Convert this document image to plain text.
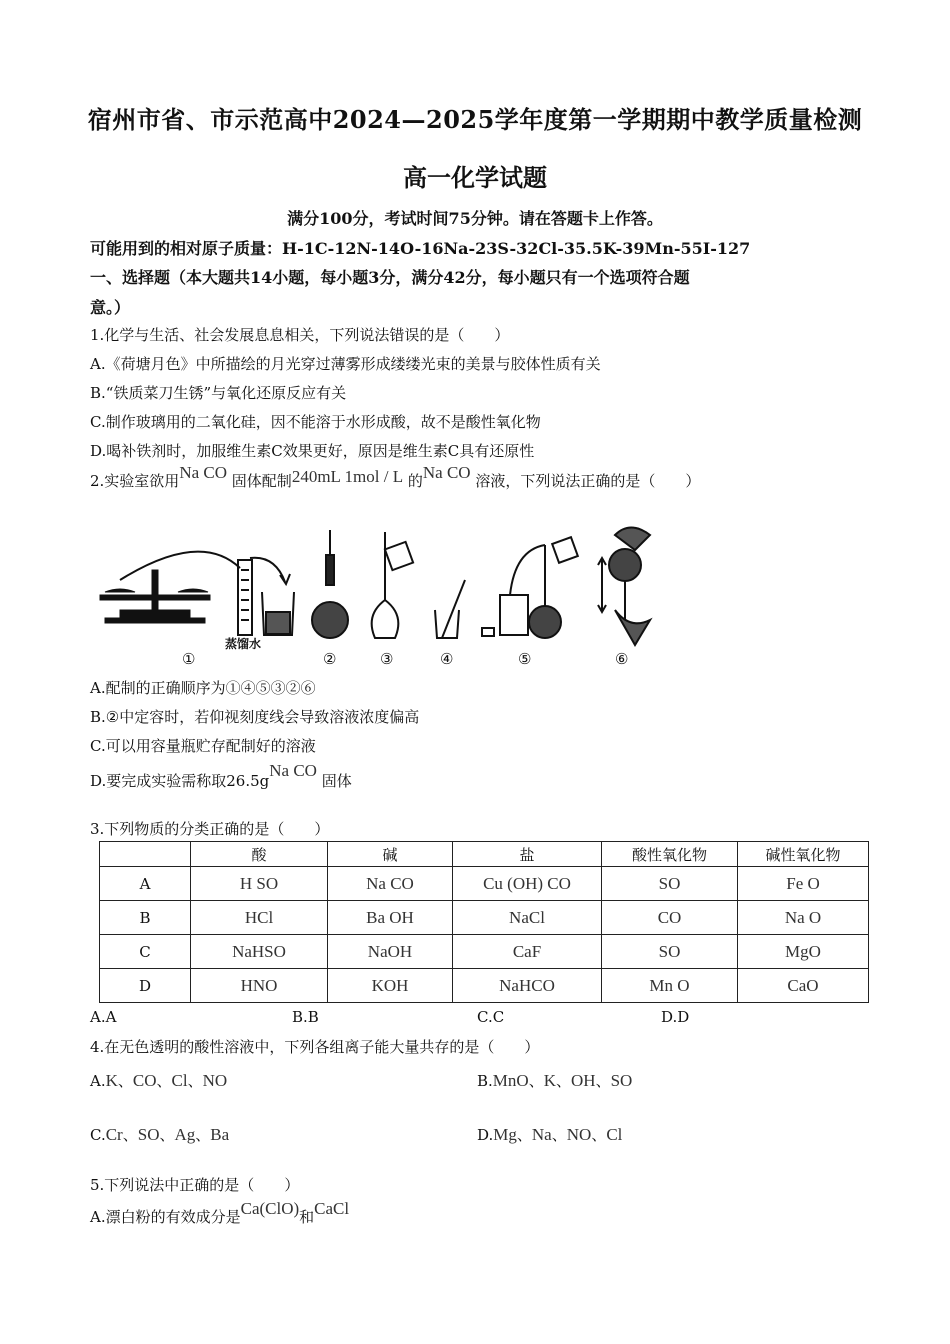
宿州市省、市示范高中2024—2025学年度第一学期期中教学质量检测
高一化学试题
满分100分，考试时间75分钟。请在答题卡上作答。
可能用到的相对原子质量：H-1C-12N-14O-16Na-23S-32Cl-35.5K-39Mn-55I-127
一、选择题（本大题共14小题，每小题3分，满分42分，每小题只有一个选项符合题
意。）
1.化学与生活、社会发展息息相关，下列说法错误的是（　　）
A.《荷塘月色》中所描绘的月光穿过薄雾形成缕缕光束的美景与胶体性质有关
B.“铁质菜刀生锈”与氧化还原反应有关
C.制作玻璃用的二氧化硅，因不能溶于水形成酸，故不是酸性氧化物
D.喝补铁剂时，加服维生素C效果更好，原因是维生素C具有还原性
2.实验室欲用Na CO 固体配制240mL 1mol / L 的Na CO 溶液，下列说法正确的是（　　）
蒸馏水
①	②	③	④	⑤	⑥
A.配制的正确顺序为①④⑤③②⑥
B.②中定容时，若仰视刻度线会导致溶液浓度偏高
C.可以用容量瓶贮存配制好的溶液
D.要完成实验需称取26.5gNa CO 固体
3.下列物质的分类正确的是（　　）
	酸	碱	盐	酸性氧化物	碱性氧化物
A	H SO	Na CO	Cu (OH) CO	SO	Fe O
B	HCl	Ba OH	NaCl	CO	Na O
C	NaHSO	NaOH	CaF	SO	MgO
D	HNO	KOH	NaHCO	Mn O	CaO
A.A	B.B	C.C	D.D
4.在无色透明的酸性溶液中，下列各组离子能大量共存的是（　　）
A.K、CO、Cl、NO	B.MnO、K、OH、SO
C.Cr、SO、Ag、Ba	D.Mg、Na、NO、Cl
5.下列说法中正确的是（　　）
A.漂白粉的有效成分是Ca(ClO)和CaCl
